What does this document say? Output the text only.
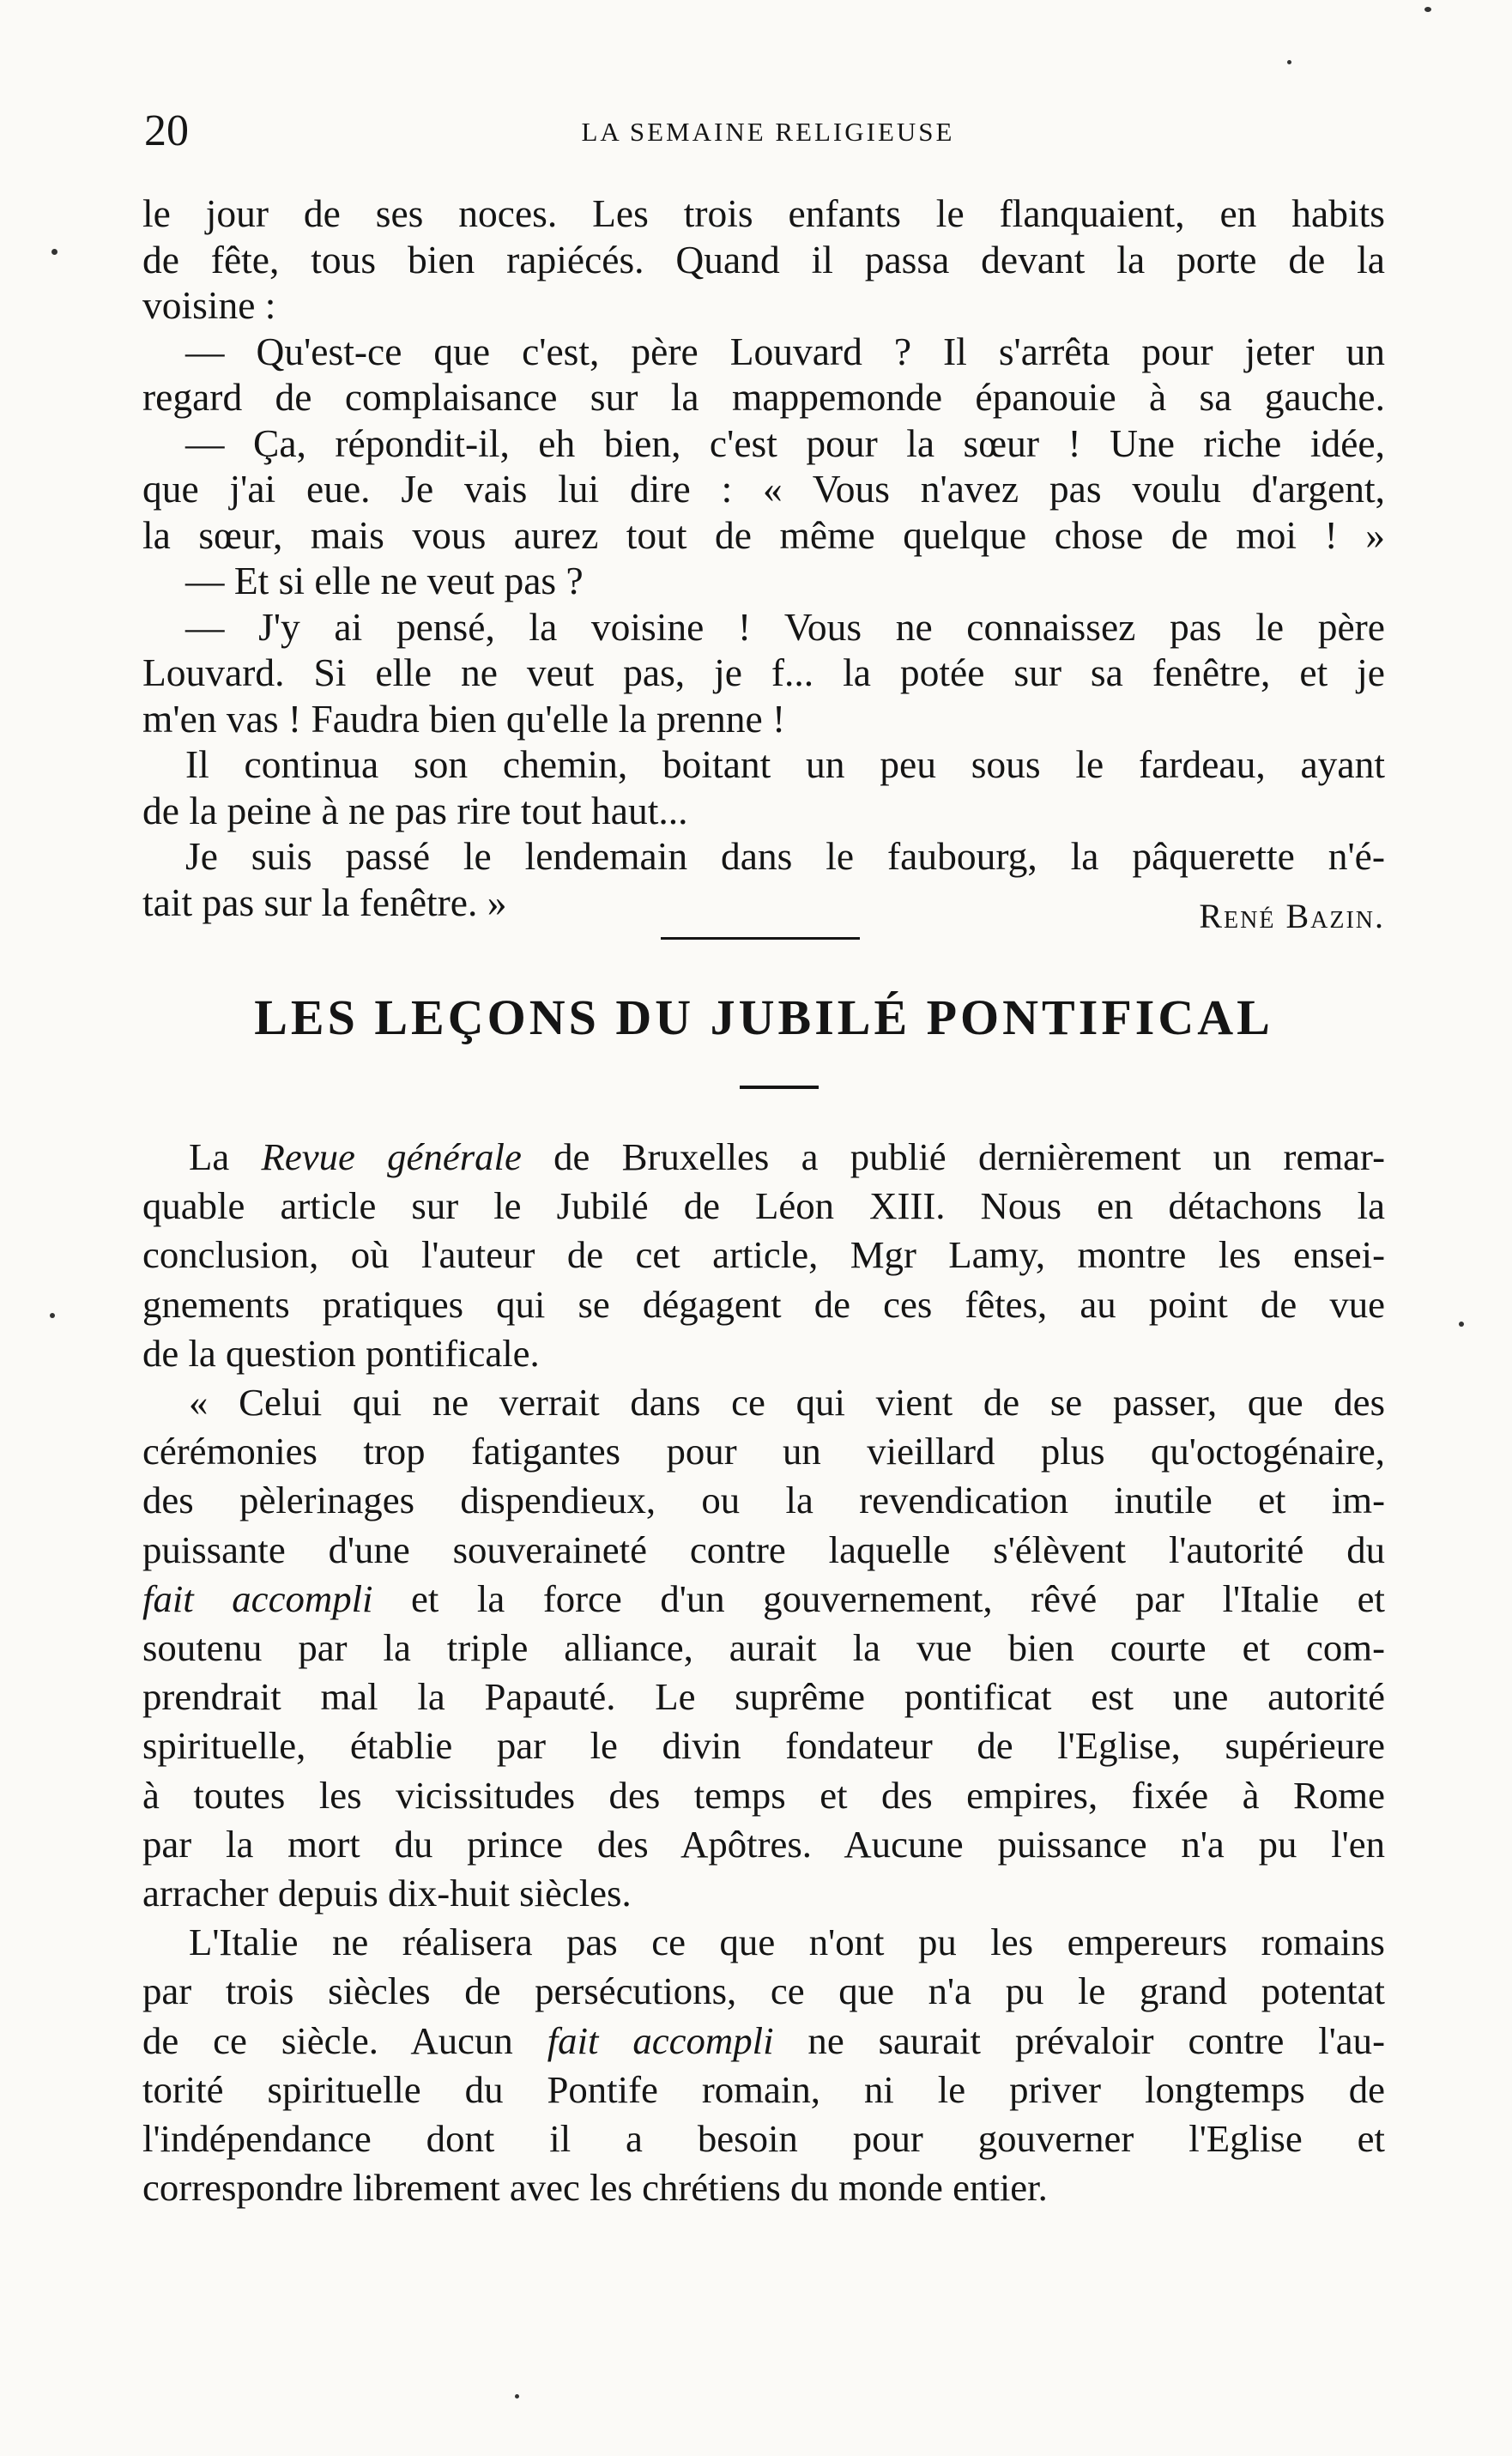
20	LA SEMAINE RELIGIEUSE
le jour de ses noces. Les trois enfants le flanquaient, en habits
de fête, tous bien rapiécés. Quand il passa devant la porte de la
voisine :
— Qu'est-ce que c'est, père Louvard ? Il s'arrêta pour jeter un
regard de complaisance sur la mappemonde épanouie à sa gauche.
— Ça, répondit-il, eh bien, c'est pour la sœur ! Une riche idée,
que j'ai eue. Je vais lui dire : « Vous n'avez pas voulu d'argent,
la sœur, mais vous aurez tout de même quelque chose de moi ! »
— Et si elle ne veut pas ?
— J'y ai pensé, la voisine ! Vous ne connaissez pas le père
Louvard. Si elle ne veut pas, je f... la potée sur sa fenêtre, et je
m'en vas ! Faudra bien qu'elle la prenne !
Il continua son chemin, boitant un peu sous le fardeau, ayant
de la peine à ne pas rire tout haut...
Je suis passé le lendemain dans le faubourg, la pâquerette n'é-
tait pas sur la fenêtre. »	René Bazin.
LES LEÇONS DU JUBILÉ PONTIFICAL
La Revue générale de Bruxelles a publié dernièrement un remar-
quable article sur le Jubilé de Léon XIII. Nous en détachons la
conclusion, où l'auteur de cet article, Mgr Lamy, montre les ensei-
gnements pratiques qui se dégagent de ces fêtes, au point de vue
de la question pontificale.
« Celui qui ne verrait dans ce qui vient de se passer, que des
cérémonies trop fatigantes pour un vieillard plus qu'octogénaire,
des pèlerinages dispendieux, ou la revendication inutile et im-
puissante d'une souveraineté contre laquelle s'élèvent l'autorité du
fait accompli et la force d'un gouvernement, rêvé par l'Italie et
soutenu par la triple alliance, aurait la vue bien courte et com-
prendrait mal la Papauté. Le suprême pontificat est une autorité
spirituelle, établie par le divin fondateur de l'Eglise, supérieure
à toutes les vicissitudes des temps et des empires, fixée à Rome
par la mort du prince des Apôtres. Aucune puissance n'a pu l'en
arracher depuis dix-huit siècles.
L'Italie ne réalisera pas ce que n'ont pu les empereurs romains
par trois siècles de persécutions, ce que n'a pu le grand potentat
de ce siècle. Aucun fait accompli ne saurait prévaloir contre l'au-
torité spirituelle du Pontife romain, ni le priver longtemps de
l'indépendance dont il a besoin pour gouverner l'Eglise et
correspondre librement avec les chrétiens du monde entier.
